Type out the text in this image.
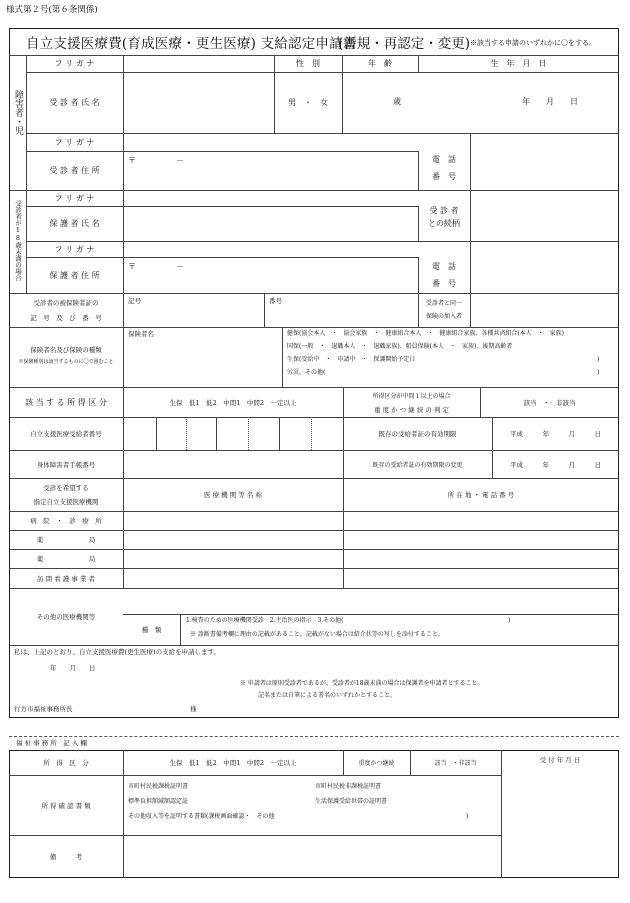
様式第２号(第６条関係)
自立支援医療費(育成医療・更生医療) 支給認定申請書
(新規・再認定・変更) ※該当する申請のいずれかに〇をする。
障害者・児
受診者が18歳未満の場合
フ リ ガ ナ	性　別	年　齢	生　年　月　日
受 診 者 氏 名	男　・　女	歳	年　　月　　日
フ リ ガ ナ
受 診 者 住 所
〒　　　　　－	電　話
番　号
フ リ ガ ナ
保 護 者 氏 名
受 診 者
との続柄
フ リ ガ ナ
保 護 者 住 所
〒　　　　　－	電　話
番　号
受診者の被保険者証の
記　号　及　び　番　号
記号	番号	受診者と同一
保険の加入者
保険者名及び保険の種類
※保険種別は該当するものに〇で囲むこと
保険者名	健保(協会本人　・　協会家族　・　健康組合本人　・　健康組合家族、各種共済組合(本人　・　家族)
国保(一般　・　退職本人　・　退職家族)、船員保険(本人　・　家族)、後期高齢者
生保(受給中　・　申請中　・　保護開始予定日	)
労災、その他(	)
該 当 す る 所 得 区 分	生保　低1　低2　中間1　中間2　一定以上
所得区分が中間１以上の場合
重 度 か つ 継 続 の 判 定
該当　・　非該当
自立支援医療受給者番号	既存の受給者証の有効期限	平成　　　年　　　月　　　日
身体障害者手帳番号	既存の受給者証の有効期限の変更	平成　　　年　　　月　　　日
受診を希望する
指定自立支援医療機関
医 療 機 関 等 名 称	所 在 地 ・ 電 話 番 号
病　院　・　診　療　所
薬　　　　　　　局
薬　　　　　　　局
訪 問 看 護 事 業 者
その他の医療機関等
種　類
1.検査のための医療機関受診　2.主治医の指示　3.その他(	)
※ 診断書備考欄に理由の記載があること。記載がない場合は紹介状等の写しを添付すること。
私は、上記のとおり、自立支援医療費(更生医療)の支給を申請します。
年　　月　　日
※ 申請者は原則受診者であるが、受診者が18歳未満の場合は保護者を申請者とすること。
記名または自筆による署名のいずれかとすること。
行方市福祉事務所長	様
福 祉 事 務 所　記 入 欄
所　得　区　分	生保　低1　低2　中間1　中間2　一定以上	重度かつ継続	該当　・非該当	受 付 年 月 日
所 得 確 認 書 類
市町村民税課税証明書	市町村民税非課税証明書
標準負担額減額認定証	生活保護受給世帯の証明書
その他収入等を証明する書類(課税画面確認・　その他	)
備　　　考
